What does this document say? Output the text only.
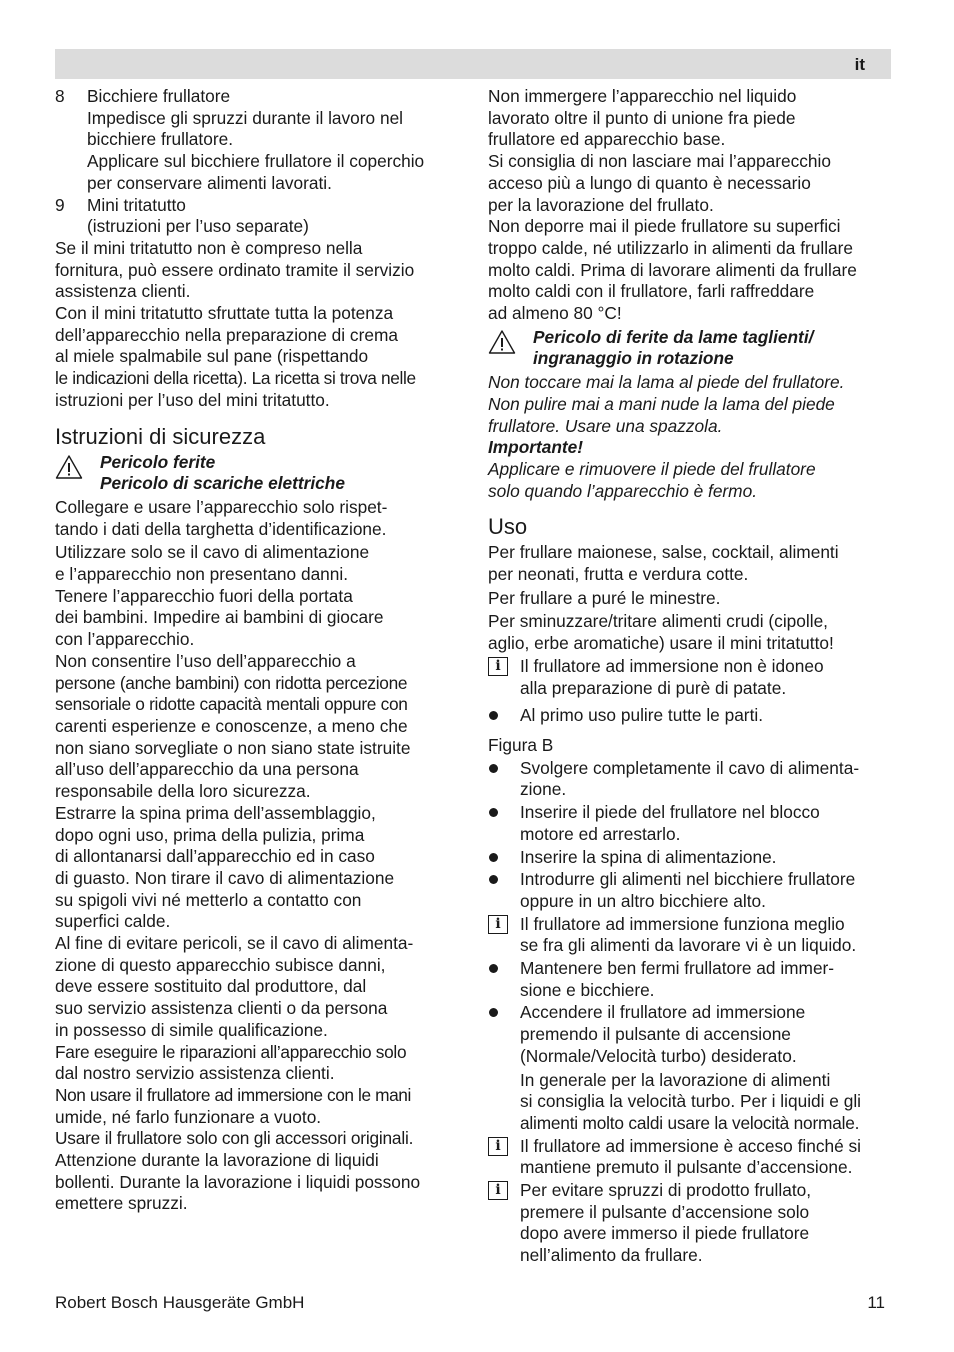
it
8	Bicchiere frullatore

Impedisce gli spruzzi durante il lavoro nel

bicchiere frullatore.

Applicare sul bicchiere frullatore il coperchio

per conservare alimenti lavorati.

9	Mini tritatutto

(istruzioni per l’uso separate)

Se il mini tritatutto non è compreso nella

fornitura, può essere ordinato tramite il servizio

assistenza clienti.

Con il mini tritatutto sfruttate tutta la potenza

dell’apparecchio nella preparazione di crema

al miele spalmabile sul pane (rispettando

le indicazioni della ricetta). La ricetta si trova nelle

istruzioni per l’uso del mini tritatutto.

Istruzioni di sicurezza

Pericolo ferite

Pericolo di scariche elettriche

Collegare e usare l’apparecchio solo rispet-

tando i dati della targhetta d’identificazione.

Utilizzare solo se il cavo di alimentazione

e l’apparecchio non presentano danni.

Tenere l’apparecchio fuori della portata

dei bambini. Impedire ai bambini di giocare

con l’apparecchio.

Non consentire l’uso dell’apparecchio a

persone (anche bambini) con ridotta percezione

sensoriale o ridotte capacità mentali oppure con

carenti esperienze e conoscenze, a meno che

non siano sorvegliate o non siano state istruite

all’uso dell’apparecchio da una persona

responsabile della loro sicurezza.

Estrarre la spina prima dell’assemblaggio,

dopo ogni uso, prima della pulizia, prima

di allontanarsi dall’apparecchio ed in caso

di guasto. Non tirare il cavo di alimentazione

su spigoli vivi né metterlo a contatto con

superfici calde.

Al fine di evitare pericoli, se il cavo di alimenta-

zione di questo apparecchio subisce danni,

deve essere sostituito dal produttore, dal

suo servizio assistenza clienti o da persona

in possesso di simile qualificazione.

Fare eseguire le riparazioni all’apparecchio solo

dal nostro servizio assistenza clienti.

Non usare il frullatore ad immersione con le mani

umide, né farlo funzionare a vuoto.

Usare il frullatore solo con gli accessori originali.

Attenzione durante la lavorazione di liquidi

bollenti. Durante la lavorazione i liquidi possono

emettere spruzzi.

Non immergere l’apparecchio nel liquido

lavorato oltre il punto di unione fra piede

frullatore ed apparecchio base.

Si consiglia di non lasciare mai l’apparecchio

acceso più a lungo di quanto è necessario

per la lavorazione del frullato.

Non deporre mai il piede frullatore su superfici

troppo calde, né utilizzarlo in alimenti da frullare

molto caldi. Prima di lavorare alimenti da frullare

molto caldi con il frullatore, farli raffreddare

ad almeno 80 °C!

Pericolo di ferite da lame taglienti/

ingranaggio in rotazione

Non toccare mai la lama al piede del frullatore.

Non pulire mai a mani nude la lama del piede

frullatore. Usare una spazzola.

Importante!

Applicare e rimuovere il piede del frullatore

solo quando l’apparecchio è fermo.

Uso

Per frullare maionese, salse, cocktail, alimenti

per neonati, frutta e verdura cotte.

Per frullare a puré le minestre.

Per sminuzzare/tritare alimenti crudi (cipolle,

aglio, erbe aromatiche) usare il mini tritatutto!

i	Il frullatore ad immersione non è idoneo

alla preparazione di purè di patate.

Al primo uso pulire tutte le parti.

Figura B

Svolgere completamente il cavo di alimenta-

zione.

Inserire il piede del frullatore nel blocco

motore ed arrestarlo.

Inserire la spina di alimentazione.

Introdurre gli alimenti nel bicchiere frullatore

oppure in un altro bicchiere alto.

i	Il frullatore ad immersione funziona meglio

se fra gli alimenti da lavorare vi è un liquido.

Mantenere ben fermi frullatore ad immer-

sione e bicchiere.

Accendere il frullatore ad immersione

premendo il pulsante di accensione

(Normale/Velocità turbo) desiderato.

In generale per la lavorazione di alimenti

si consiglia la velocità turbo. Per i liquidi e gli

alimenti molto caldi usare la velocità normale.

i	Il frullatore ad immersione è acceso finché si

mantiene premuto il pulsante d’accensione.

i	Per evitare spruzzi di prodotto frullato,

premere il pulsante d’accensione solo

dopo avere immerso il piede frullatore

nell’alimento da frullare.

Robert Bosch Hausgeräte GmbH	11
